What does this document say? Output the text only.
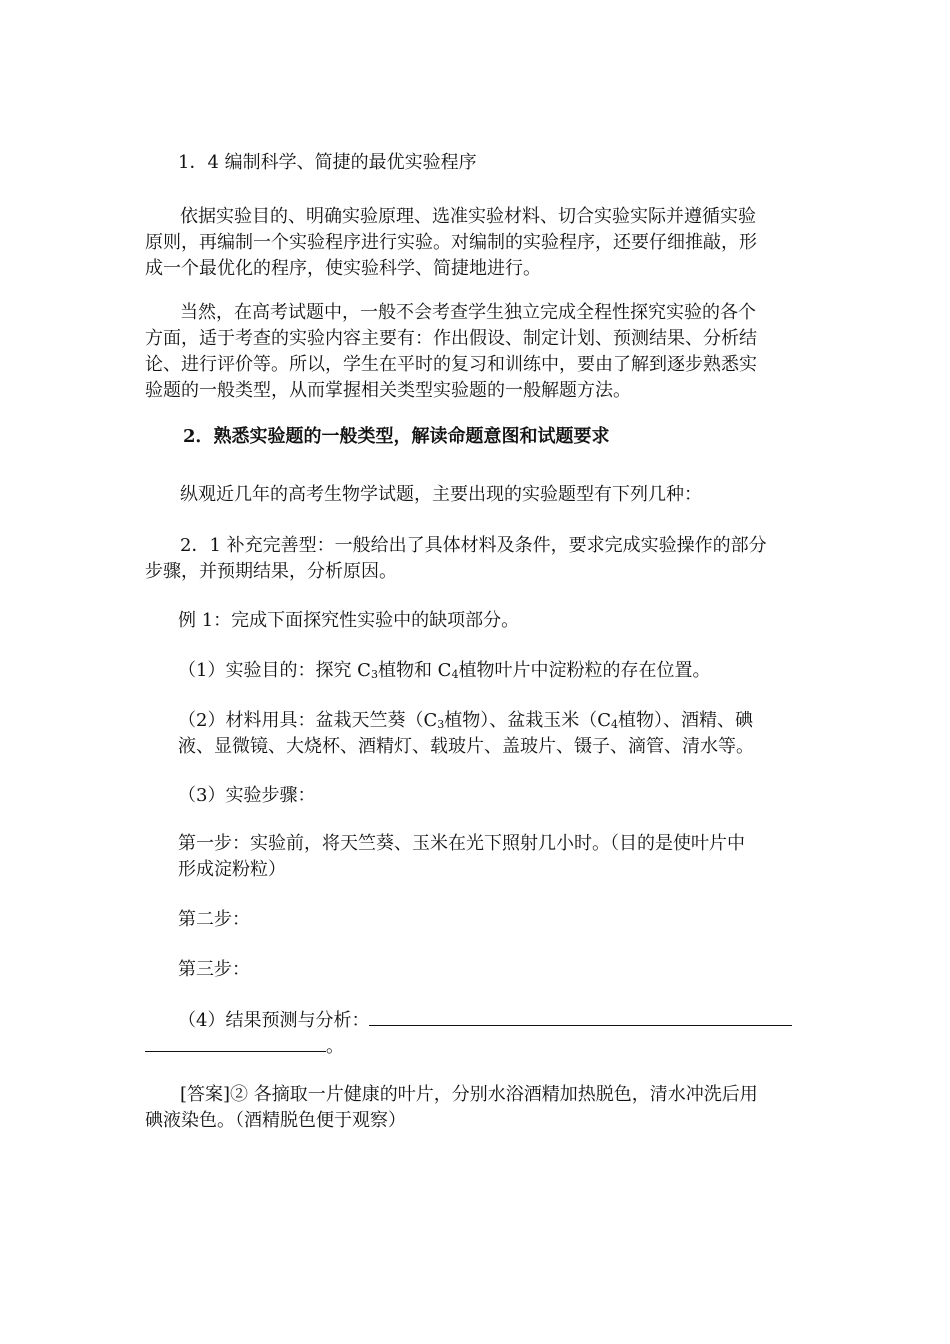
1．4 编制科学、简捷的最优实验程序

依据实验目的、明确实验原理、选准实验材料、切合实验实际并遵循实验

原则，再编制一个实验程序进行实验。对编制的实验程序，还要仔细推敲，形

成一个最优化的程序，使实验科学、简捷地进行。

当然，在高考试题中，一般不会考查学生独立完成全程性探究实验的各个

方面，适于考查的实验内容主要有：作出假设、制定计划、预测结果、分析结

论、进行评价等。所以，学生在平时的复习和训练中，要由了解到逐步熟悉实

验题的一般类型，从而掌握相关类型实验题的一般解题方法。

2．熟悉实验题的一般类型，解读命题意图和试题要求

纵观近几年的高考生物学试题，主要出现的实验题型有下列几种：

2．1 补充完善型：一般给出了具体材料及条件，要求完成实验操作的部分

步骤，并预期结果，分析原因。

例 1：完成下面探究性实验中的缺项部分。

（1）实验目的：探究 $C_3$植物和 $C_4$植物叶片中淀粉粒的存在位置。

（2）材料用具：盆栽天竺葵（$C_3$植物）、盆栽玉米（$C_4$植物）、酒精、碘

液、显微镜、大烧杯、酒精灯、载玻片、盖玻片、镊子、滴管、清水等。

（3）实验步骤：

第一步：实验前，将天竺葵、玉米在光下照射几小时。（目的是使叶片中

形成淀粉粒）

第二步：

第三步：

（4）结果预测与分析：

。

[答案]② 各摘取一片健康的叶片，分别水浴酒精加热脱色，清水冲洗后用

碘液染色。（酒精脱色便于观察）
